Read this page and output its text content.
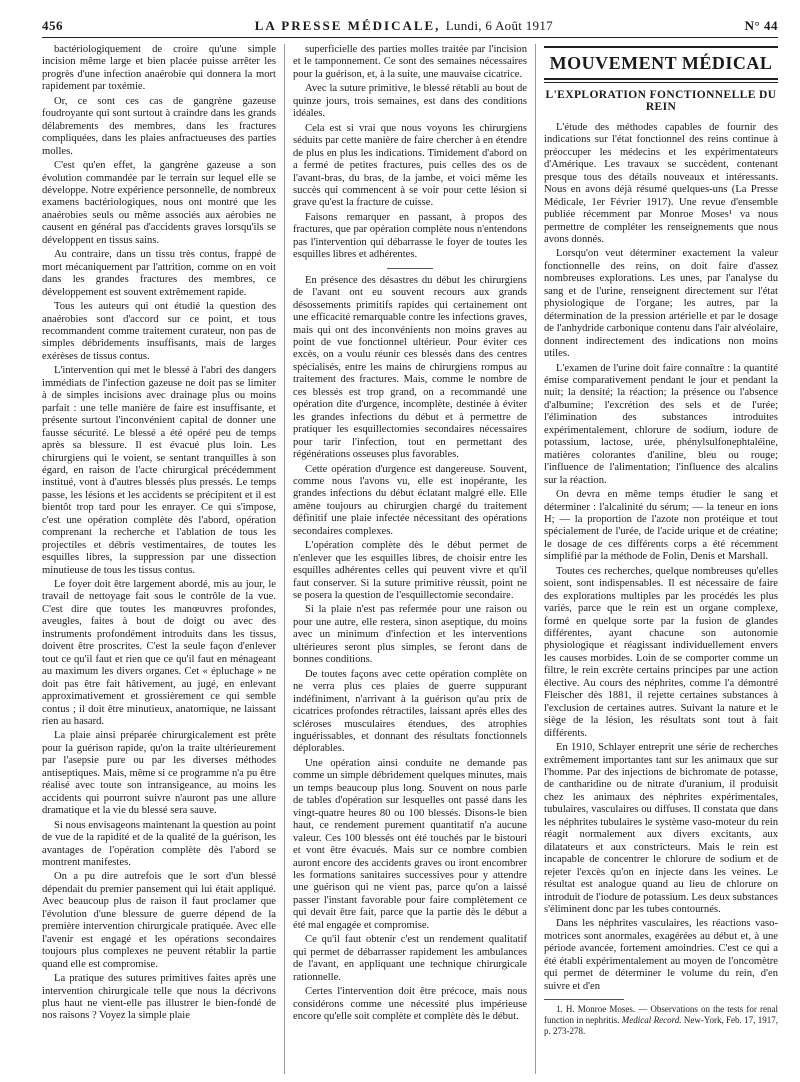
456	LA PRESSE MÉDICALE, Lundi, 6 Août 1917	N° 44

bactériologiquement de croire qu'une simple incision même large et bien placée puisse arrêter les progrès d'une infection anaérobie qui donnera la mort rapidement par toxémie.

Or, ce sont ces cas de gangrène gazeuse foudroyante qui sont surtout à craindre dans les grands délabrements des membres, dans les fractures compliquées, dans les plaies anfractueuses des parties molles.

C'est qu'en effet, la gangrène gazeuse a son évolution commandée par le terrain sur lequel elle se développe. Notre expérience personnelle, de nombreux examens bactériologiques, nous ont montré que les anaérobies seuls ou même associés aux aérobies ne causent en général pas d'accidents graves lorsqu'ils se développent en tissus sains.

Au contraire, dans un tissu très contus, frappé de mort mécaniquement par l'attrition, comme on en voit dans les grandes fractures des membres, ce développement est souvent extrêmement rapide.

Tous les auteurs qui ont étudié la question des anaérobies sont d'accord sur ce point, et tous recommandent comme traitement curateur, non pas de simples débridements insuffisants, mais de larges exérèses de tissus contus.

L'intervention qui met le blessé à l'abri des dangers immédiats de l'infection gazeuse ne doit pas se limiter à de simples incisions avec drainage plus ou moins parfait : une telle manière de faire est insuffisante, et présente surtout l'inconvénient capital de donner une fausse sécurité. Le blessé a été opéré peu de temps après sa blessure. Il est évacué plus loin. Les chirurgiens qui le voient, se sentant tranquilles à son égard, en raison de l'acte chirurgical précédemment institué, vont à d'autres blessés plus pressés. Le temps passe, les lésions et les accidents se précipitent et il est bientôt trop tard pour les enrayer. Ce qui s'impose, c'est une opération complète dès l'abord, opération comprenant la recherche et l'ablation de tous les projectiles et débris vestimentaires, de toutes les esquilles libres, la suppression par une dissection minutieuse de tous les tissus contus.

Le foyer doit être largement abordé, mis au jour, le travail de nettoyage fait sous le contrôle de la vue. C'est dire que toutes les manœuvres profondes, aveugles, faites à bout de doigt ou avec des instruments profondément introduits dans les tissus, doivent être proscrites. C'est la seule façon d'enlever tout ce qu'il faut et rien que ce qu'il faut en ménageant au maximum les divers organes. Cet « épluchage » ne doit pas être fait hâtivement, au jugé, en enlevant approximativement et grossièrement ce qui semble contus ; il doit être minutieux, anatomique, ne laissant rien au hasard.

La plaie ainsi préparée chirurgicalement est prête pour la guérison rapide, qu'on la traite ultérieurement par l'asepsie pure ou par les diverses méthodes antiseptiques. Mais, même si ce programme n'a pu être réalisé avec toute son intransigeance, au moins les accidents qui pourront suivre n'auront pas une allure dramatique et la vie du blessé sera sauve.

Si nous envisageons maintenant la question au point de vue de la rapidité et de la qualité de la guérison, les avantages de l'opération complète dès l'abord se montrent manifestes.

On a pu dire autrefois que le sort d'un blessé dépendait du premier pansement qui lui était appliqué. Avec beaucoup plus de raison il faut proclamer que l'évolution d'une blessure de guerre dépend de la première intervention chirurgicale pratiquée. Avec elle l'avenir est engagé et les opérations secondaires toujours plus complexes ne peuvent rétablir la partie quand elle est compromise.

La pratique des sutures primitives faites après une intervention chirurgicale telle que nous la décrivons plus haut ne vient-elle pas illustrer le bien-fondé de nos raisons ? Voyez la simple plaie

superficielle des parties molles traitée par l'incision et le tamponnement. Ce sont des semaines nécessaires pour la guérison, et, à la suite, une mauvaise cicatrice.

Avec la suture primitive, le blessé rétabli au bout de quinze jours, trois semaines, est dans des conditions idéales.

Cela est si vrai que nous voyons les chirurgiens séduits par cette manière de faire chercher à en étendre de plus en plus les indications. Timidement d'abord on a fermé de petites fractures, puis celles des os de l'avant-bras, du bras, de la jambe, et voici même les succès qui commencent à se voir pour cette lésion si grave qu'est la fracture de cuisse.

Faisons remarquer en passant, à propos des fractures, que par opération complète nous n'entendons pas l'intervention qui débarrasse le foyer de toutes les esquilles libres et adhérentes.

En présence des désastres du début les chirurgiens de l'avant ont eu souvent recours aux grands désossements primitifs rapides qui certainement ont une efficacité remarquable contre les infections graves, mais qui ont des inconvénients non moins graves au point de vue fonctionnel ultérieur. Pour éviter ces excès, on a voulu réunir ces blessés dans des centres spécialisés, entre les mains de chirurgiens rompus au traitement des fractures. Mais, comme le nombre de ces blessés est trop grand, on a recommandé une opération dite d'urgence, incomplète, destinée à éviter les grandes infections du début et à permettre de pratiquer les esquillectomies secondaires nécessaires pour tarir l'infection, tout en permettant des régénérations osseuses plus favorables.

Cette opération d'urgence est dangereuse. Souvent, comme nous l'avons vu, elle est inopérante, les grandes infections du début éclatant malgré elle. Elle amène toujours au chirurgien chargé du traitement définitif une plaie infectée nécessitant des opérations secondaires complexes.

L'opération complète dès le début permet de n'enlever que les esquilles libres, de choisir entre les esquilles adhérentes celles qui peuvent vivre et qu'il faut conserver. Si la suture primitive réussit, point ne se posera la question de l'esquillectomie secondaire.

Si la plaie n'est pas refermée pour une raison ou pour une autre, elle restera, sinon aseptique, du moins avec un minimum d'infection et les interventions ultérieures seront plus simples, se feront dans de bonnes conditions.

De toutes façons avec cette opération complète on ne verra plus ces plaies de guerre suppurant indéfiniment, n'arrivant à la guérison qu'au prix de cicatrices profondes rétractiles, laissant après elles des scléroses musculaires étendues, des atrophies inguérissables, et donnant des résultats fonctionnels déplorables.

Une opération ainsi conduite ne demande pas comme un simple débridement quelques minutes, mais un temps beaucoup plus long. Souvent on nous parle de tables d'opération sur lesquelles ont passé dans les vingt-quatre heures 80 ou 100 blessés. Disons-le bien haut, ce rendement purement quantitatif n'a aucune valeur. Ces 100 blessés ont été touchés par le bistouri et vont être évacués. Mais sur ce nombre combien auront encore des accidents graves ou iront encombrer les formations sanitaires successives pour y attendre une guérison qui ne vient pas, parce qu'on a laissé passer l'instant favorable pour faire complètement ce qui devait être fait, parce que la partie dès le début a été mal engagée et compromise.

Ce qu'il faut obtenir c'est un rendement qualitatif qui permet de débarrasser rapidement les ambulances de l'avant, en appliquant une technique chirurgicale rationnelle.

Certes l'intervention doit être précoce, mais nous considérons comme une nécessité plus impérieuse encore qu'elle soit complète et complète dès le début.

MOUVEMENT MÉDICAL
L'EXPLORATION FONCTIONNELLE DU REIN

L'étude des méthodes capables de fournir des indications sur l'état fonctionnel des reins continue à préoccuper les médecins et les expérimentateurs d'Amérique. Les travaux se succèdent, contenant presque tous des détails nouveaux et intéressants. Nous en avons déjà résumé quelques-uns (La Presse Médicale, 1er Février 1917). Une revue d'ensemble publiée récemment par Monroe Moses¹ va nous permettre de compléter les renseignements que nous avons donnés.

Lorsqu'on veut déterminer exactement la valeur fonctionnelle des reins, on doit faire d'assez nombreuses explorations. Les unes, par l'analyse du sang et de l'urine, renseignent directement sur l'état physiologique de l'organe; les autres, par la détermination de la pression artérielle et par le dosage de l'anhydride carbonique contenu dans l'air alvéolaire, donnent indirectement des indications non moins utiles.

L'examen de l'urine doit faire connaître : la quantité émise comparativement pendant le jour et pendant la nuit; la densité; la réaction; la présence ou l'absence d'albumine; l'excrétion des sels et de l'urée; l'élimination des substances introduites expérimentalement, chlorure de sodium, iodure de potassium, lactose, urée, phénylsulfonephtaléine, matières colorantes d'aniline, bleu ou rouge; l'influence de l'alimentation; l'influence des alcalins sur la réaction.

On devra en même temps étudier le sang et déterminer : l'alcalinité du sérum; — la teneur en ions H; — la proportion de l'azote non protéique et tout spécialement de l'urée, de l'acide urique et de créatine; le dosage de ces différents corps a été récemment simplifié par la méthode de Folin, Denis et Marshall.

Toutes ces recherches, quelque nombreuses qu'elles soient, sont indispensables. Il est nécessaire de faire des explorations multiples par les procédés les plus variés, parce que le rein est un organe complexe, formé en quelque sorte par la fusion de glandes différentes, ayant chacune son autonomie physiologique et réagissant individuellement envers les causes morbides. Loin de se comporter comme un filtre, le rein excrète certains principes par une action élective. Au cours des néphrites, comme l'a démontré Fleischer dès 1881, il rejette certaines substances à l'exclusion de certaines autres. Suivant la nature et le siège de la lésion, les résultats sont tout à fait différents.

En 1910, Schlayer entreprit une série de recherches extrêmement importantes tant sur les animaux que sur l'homme. Par des injections de bichromate de potasse, de cantharidine ou de nitrate d'uranium, il produisit chez les animaux des néphrites expérimentales, tubulaires, vasculaires ou diffuses. Il constata que dans les néphrites tubulaires le système vaso-moteur du rein réagit normalement aux divers excitants, aux dilatateurs et aux constricteurs. Mais le rein est incapable de concentrer le chlorure de sodium et de rejeter l'excès qu'on en injecte dans les veines. Le résultat est analogue quand au lieu de chlorure on introduit de l'iodure de potassium. Les deux substances s'éliminent donc par les tubes contournés.

Dans les néphrites vasculaires, les réactions vaso-motrices sont anormales, exagérées au début et, à une période avancée, fortement amoindries. C'est ce qui a été établi expérimentalement au moyen de l'oncomètre qui permet de déterminer le volume du rein, d'en suivre et d'en

1. H. Monroe Moses. — Observations on the tests for renal function in nephritis. Medical Record. New-York, Feb. 17, 1917, p. 273-278.
